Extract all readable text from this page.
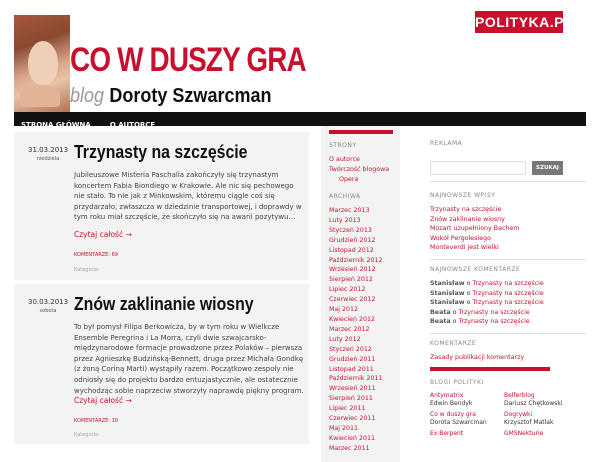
POLITYKA.PL
CO W DUSZY GRA
blog Doroty Szwarcman
STRONA GŁÓWNA	O AUTORCE
31.03.2013
niedziela Trzynasty na szczęście
Jubileuszowe Misteria Paschalia zakończyły się trzynastym koncertem Fabia Biondiego w Krakowie. Ale nic się pechowego nie stało. To nie jak z Minkowskim, któremu ciągle coś się przydarzało, zwłaszcza w dziedzinie transportowej, i doprawdy w tym roku miał szczęście, że skończyło się na awarii pozytywu…
Czytaj całość →
KOMENTARZE: 69
Kategorie:
30.03.2013
sobota Znów zaklinanie wiosny
To był pomysł Filipa Berkowicza, by w tym roku w Wielkcze Ensemble Peregrina i La Morra, czyli dwie szwajcarsko-międzynarodowe formacje prowadzone przez Polaków – pierwsza przez Agnieszkę Budzińską-Bennett, druga przez Michała Gondkę (z żoną Coriną Marti) wystąpiły razem. Początkowo zespoły nie odniosły się do projektu bardzo entuzjastycznie, ale ostatecznie wychodząc sobie naprzeciw stworzyły naprawdę piękny program.
Czytaj całość →
KOMENTARZE: 10
Kategorie:
STRONY
O autorce
Twórczość blogowa
Opera
ARCHIWA
Marzec 2013
Luty 2013
Styczeń 2013
Grudzień 2012
Listopad 2012
Październik 2012
Wrzesień 2012
Sierpień 2012
Lipiec 2012
Czerwiec 2012
Maj 2012
Kwiecień 2012
Marzec 2012
Luty 2012
Styczeń 2012
Grudzień 2011
Listopad 2011
Październik 2011
Wrzesień 2011
Sierpień 2011
Lipiec 2011
Czerwiec 2011
Maj 2011
Kwiecień 2011
Marzec 2011
REKLAMA
SZUKAJ
NAJNOWSZE WPISY
Trzynasty na szczęście
Znów zaklinanie wiosny
Mozart uzupełniony Bachem
Wokół Pergolesiego
Monteverdi jest wielki
NAJNOWSZE KOMENTARZE
Stanisław o Trzynasty na szczęście
Stanisław o Trzynasty na szczęście
Stanisław o Trzynasty na szczęście
Beata o Trzynasty na szczęście
Beata o Trzynasty na szczęście
KOMENTARZE
Zasady publikacji komentarzy
BLOGI POLITYKI
Antymatrix
Edwin Bendyk
Belferblog
Dariusz Chętkowski
Co w duszy gra
Dorota Szwarcman
Dogrywki
Krzysztof Matlak
Ex Berpent	GMSNekturie
